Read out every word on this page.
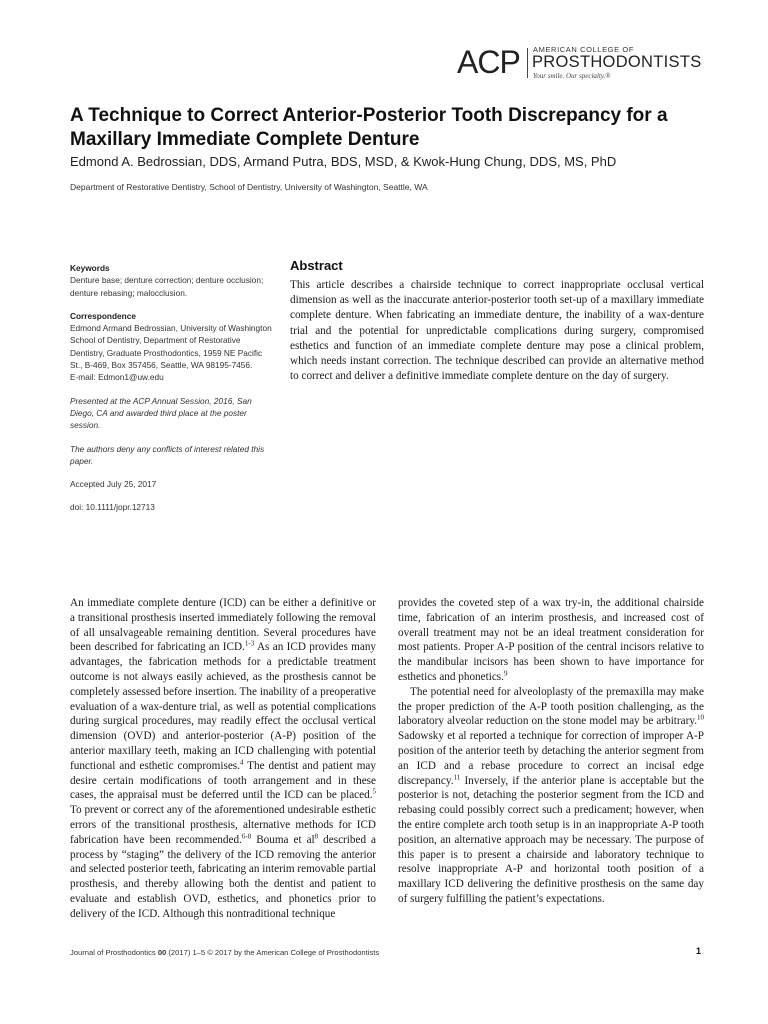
ACP AMERICAN COLLEGE OF
PROSTHODONTISTS
Your smile. Our specialty.®
A Technique to Correct Anterior-Posterior Tooth Discrepancy for a Maxillary Immediate Complete Denture
Edmond A. Bedrossian, DDS, Armand Putra, BDS, MSD, & Kwok-Hung Chung, DDS, MS, PhD
Department of Restorative Dentistry, School of Dentistry, University of Washington, Seattle, WA
Keywords
Denture base; denture correction; denture occlusion; denture rebasing; malocclusion.
Correspondence
Edmond Armand Bedrossian, University of Washington School of Dentistry, Department of Restorative Dentistry, Graduate Prosthodontics, 1959 NE Pacific St., B-469, Box 357456, Seattle, WA 98195-7456.
E-mail: Edmon1@uw.edu
Presented at the ACP Annual Session, 2016, San Diego, CA and awarded third place at the poster session.
The authors deny any conflicts of interest related this paper.
Accepted July 25, 2017
doi: 10.1111/jopr.12713
Abstract
This article describes a chairside technique to correct inappropriate occlusal vertical dimension as well as the inaccurate anterior-posterior tooth set-up of a maxillary immediate complete denture. When fabricating an immediate denture, the inability of a wax-denture trial and the potential for unpredictable complications during surgery, compromised esthetics and function of an immediate complete denture may pose a clinical problem, which needs instant correction. The technique described can provide an alternative method to correct and deliver a definitive immediate complete denture on the day of surgery.

An immediate complete denture (ICD) can be either a definitive or a transitional prosthesis inserted immediately following the removal of all unsalvageable remaining dentition. Several procedures have been described for fabricating an ICD.$^{1-3}$ As an ICD provides many advantages, the fabrication methods for a predictable treatment outcome is not always easily achieved, as the prosthesis cannot be completely assessed before insertion. The inability of a preoperative evaluation of a wax-denture trial, as well as potential complications during surgical procedures, may readily effect the occlusal vertical dimension (OVD) and anterior-posterior (A-P) position of the anterior maxillary teeth, making an ICD challenging with potential functional and esthetic compromises.$^4$ The dentist and patient may desire certain modifications of tooth arrangement and in these cases, the appraisal must be deferred until the ICD can be placed.$^5$ To prevent or correct any of the aforementioned undesirable esthetic errors of the transitional prosthesis, alternative methods for ICD fabrication have been recommended.$^{6-8}$ Bouma et $al^8$ described a process by “staging” the delivery of the ICD removing the anterior and selected posterior teeth, fabricating an interim removable partial prosthesis, and thereby allowing both the dentist and patient to evaluate and establish OVD, esthetics, and phonetics prior to delivery of the ICD. Although this nontraditional technique

provides the coveted step of a wax try-in, the additional chairside time, fabrication of an interim prosthesis, and increased cost of overall treatment may not be an ideal treatment consideration for most patients. Proper A-P position of the central incisors relative to the mandibular incisors has been shown to have importance for esthetics and phonetics.$^9$

The potential need for alveoloplasty of the premaxilla may make the proper prediction of the A-P tooth position challenging, as the laboratory alveolar reduction on the stone model may be arbitrary.$^{10}$ Sadowsky et al reported a technique for correction of improper A-P position of the anterior teeth by detaching the anterior segment from an ICD and a rebase procedure to correct an incisal edge discrepancy.$^{11}$ Inversely, if the anterior plane is acceptable but the posterior is not, detaching the posterior segment from the ICD and rebasing could possibly correct such a predicament; however, when the entire complete arch tooth setup is in an inappropriate A-P tooth position, an alternative approach may be necessary. The purpose of this paper is to present a chairside and laboratory technique to resolve inappropriate A-P and horizontal tooth position of a maxillary ICD delivering the definitive prosthesis on the same day of surgery fulfilling the patient’s expectations.

Journal of Prosthodontics 00 (2017) 1–5 © 2017 by the American College of Prosthodontists	1
